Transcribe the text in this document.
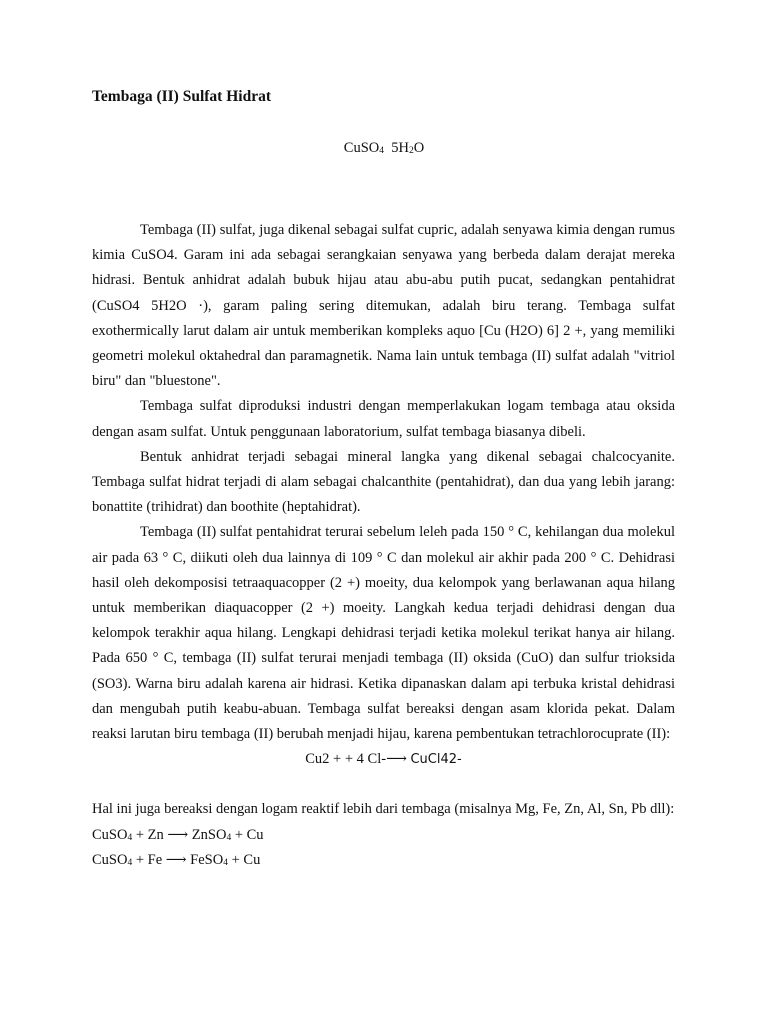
Tembaga (II) Sulfat Hidrat
CuSO$_4$  $5H_2O$

Tembaga (II) sulfat, juga dikenal sebagai sulfat cupric, adalah senyawa kimia dengan rumus kimia CuSO4. Garam ini ada sebagai serangkaian senyawa yang berbeda dalam derajat mereka hidrasi. Bentuk anhidrat adalah bubuk hijau atau abu-abu putih pucat, sedangkan pentahidrat (CuSO4 5H2O ·), garam paling sering ditemukan, adalah biru terang. Tembaga sulfat exothermically larut dalam air untuk memberikan kompleks aquo [Cu (H2O) 6] 2 +, yang memiliki geometri molekul oktahedral dan paramagnetik. Nama lain untuk tembaga (II) sulfat adalah "vitriol biru" dan "bluestone".

Tembaga sulfat diproduksi industri dengan memperlakukan logam tembaga atau oksida dengan asam sulfat. Untuk penggunaan laboratorium, sulfat tembaga biasanya dibeli.

Bentuk anhidrat terjadi sebagai mineral langka yang dikenal sebagai chalcocyanite. Tembaga sulfat hidrat terjadi di alam sebagai chalcanthite (pentahidrat), dan dua yang lebih jarang: bonattite (trihidrat) dan boothite (heptahidrat).

Tembaga (II) sulfat pentahidrat terurai sebelum leleh pada 150 ° C, kehilangan dua molekul air pada 63 ° C, diikuti oleh dua lainnya di 109 ° C dan molekul air akhir pada 200 ° C. Dehidrasi hasil oleh dekomposisi tetraaquacopper (2 +) moeity, dua kelompok yang berlawanan aqua hilang untuk memberikan diaquacopper (2 +) moeity. Langkah kedua terjadi dehidrasi dengan dua kelompok terakhir aqua hilang. Lengkapi dehidrasi terjadi ketika molekul terikat hanya air hilang. Pada 650 ° C, tembaga (II) sulfat terurai menjadi tembaga (II) oksida (CuO) dan sulfur trioksida (SO3). Warna biru adalah karena air hidrasi. Ketika dipanaskan dalam api terbuka kristal dehidrasi dan mengubah putih keabu-abuan. Tembaga sulfat bereaksi dengan asam klorida pekat. Dalam reaksi larutan biru tembaga (II) berubah menjadi hijau, karena pembentukan tetrachlorocuprate (II):

Cu2 + + 4 Cl-⟶ CuCl42-

Hal ini juga bereaksi dengan logam reaktif lebih dari tembaga (misalnya Mg, Fe, Zn, Al, Sn, Pb dll):

CuSO$_4$ + Zn ⟶ ZnSO$_4$ + Cu

CuSO$_4$ + Fe ⟶ FeSO$_4$ + Cu
